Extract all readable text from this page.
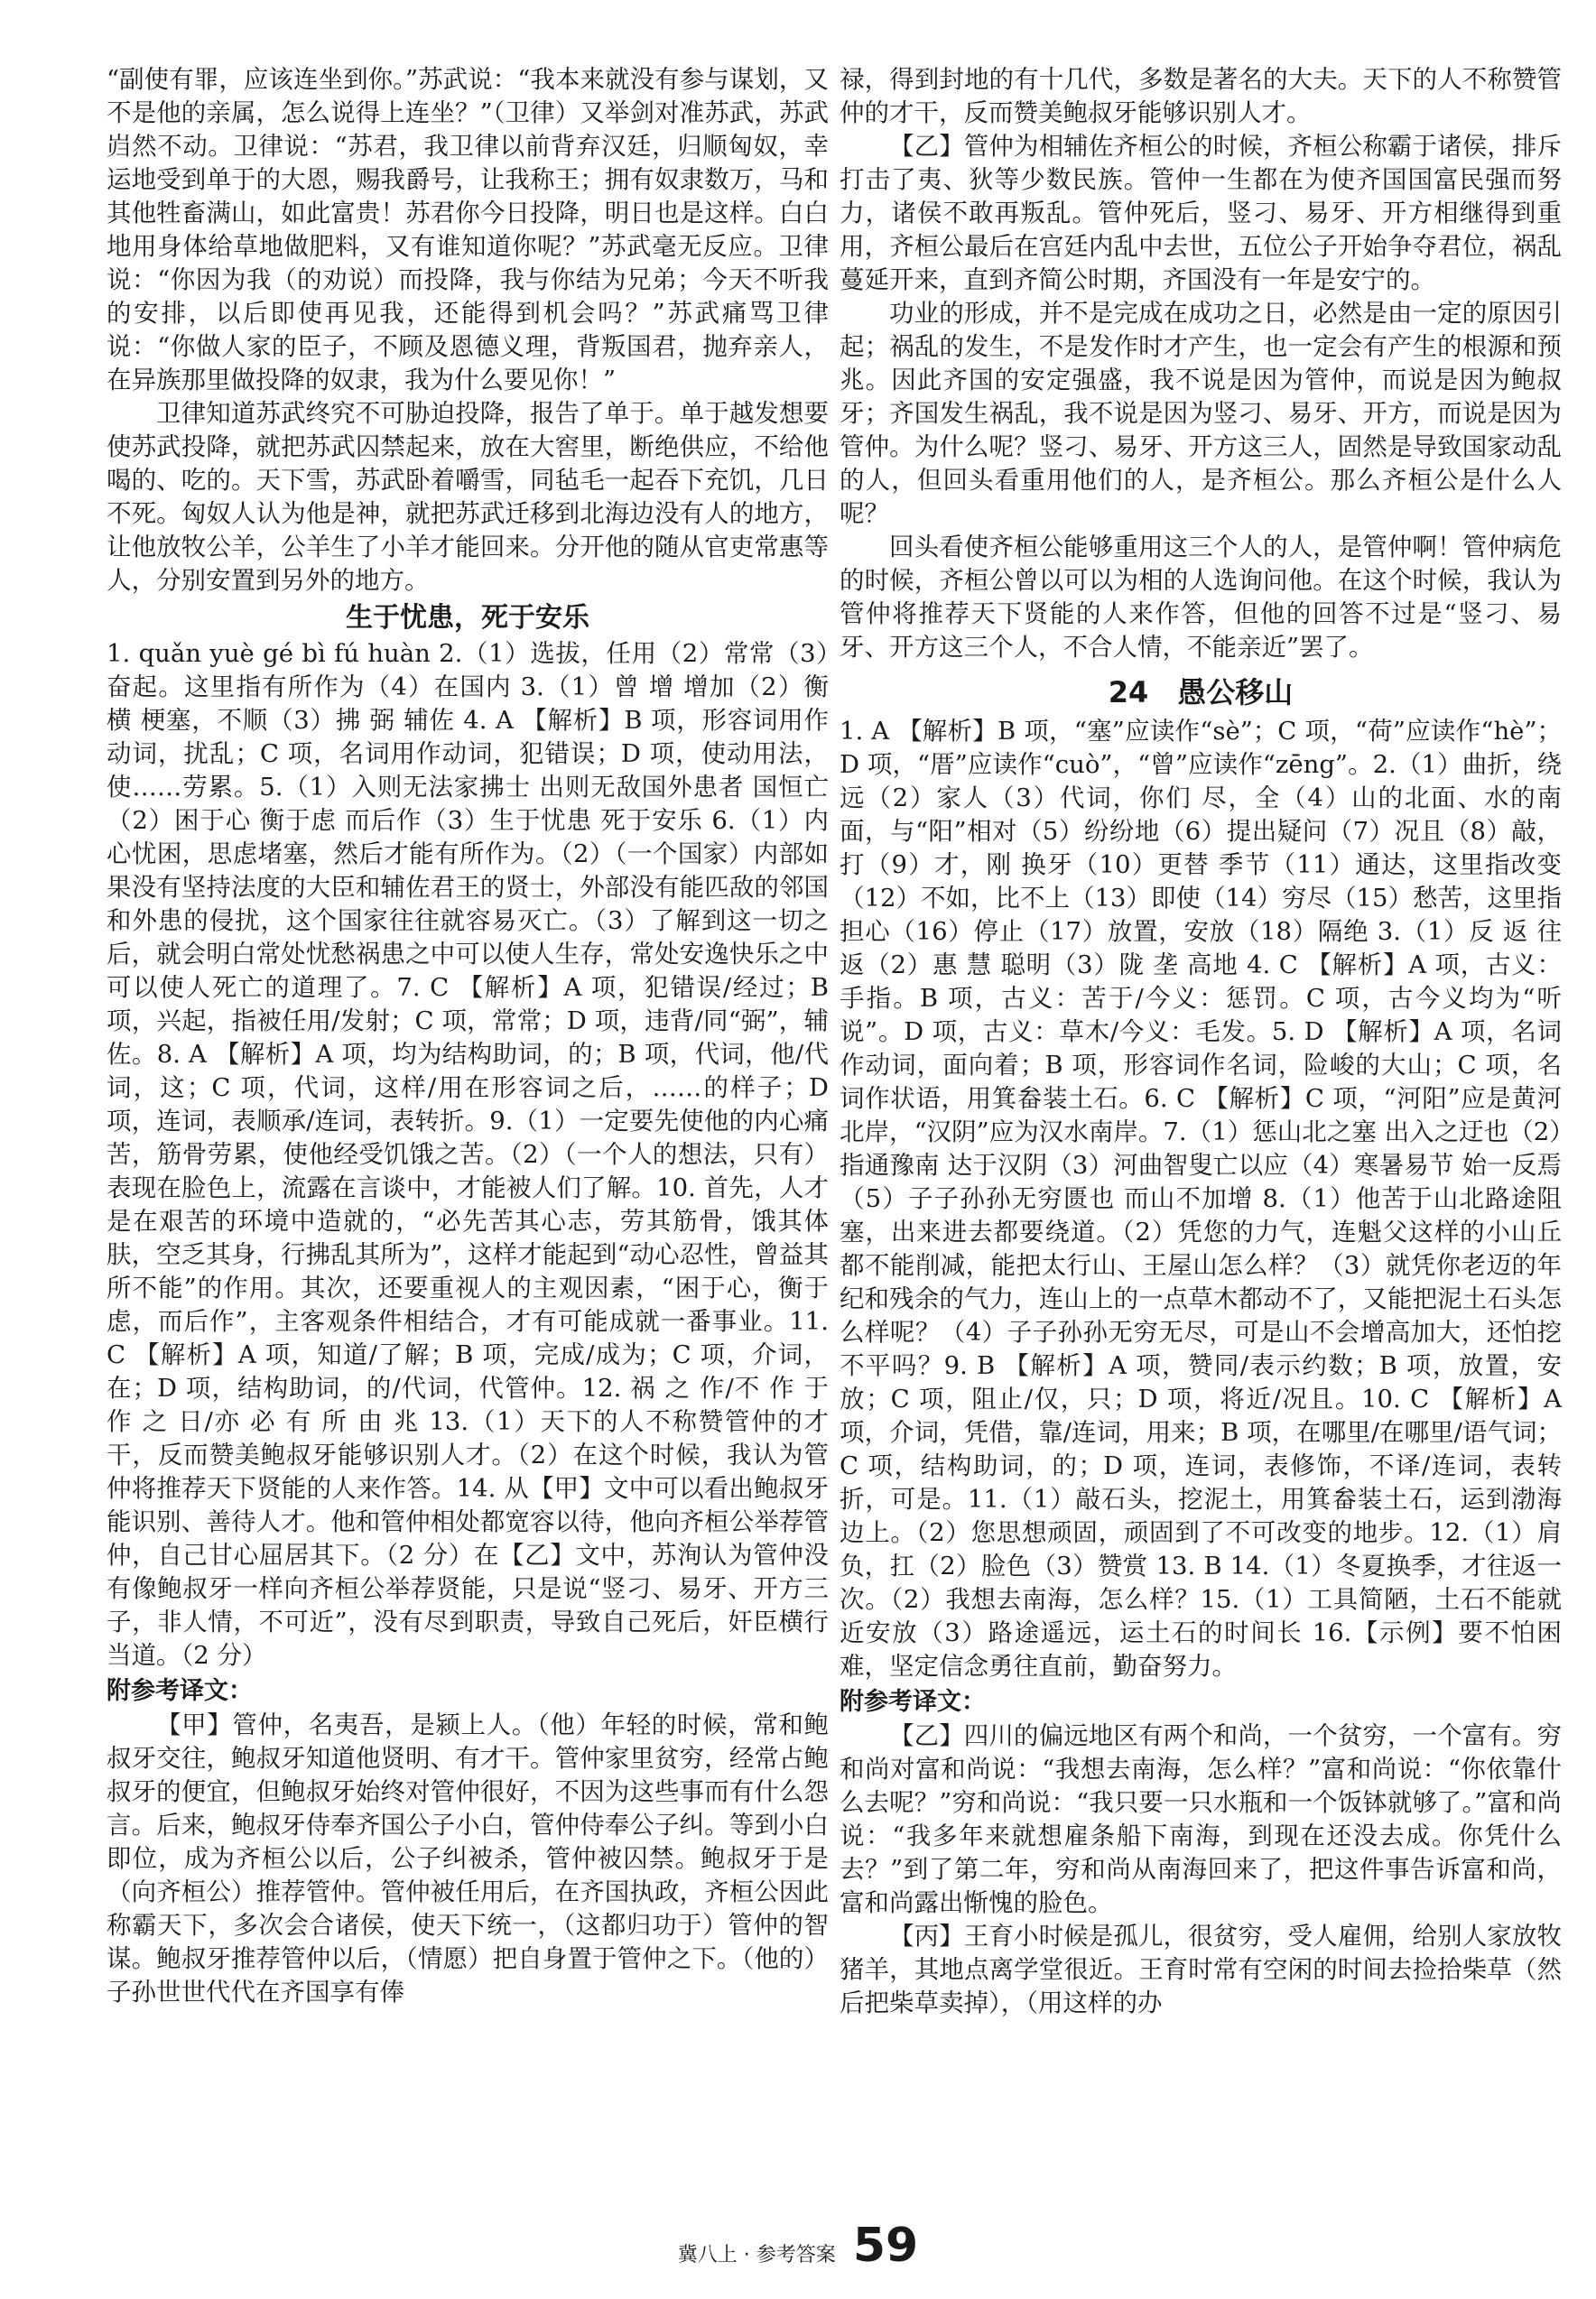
“副使有罪，应该连坐到你。”苏武说：“我本来就没有参与谋划，又不是他的亲属，怎么说得上连坐？”（卫律）又举剑对准苏武，苏武岿然不动。卫律说：“苏君，我卫律以前背弃汉廷，归顺匈奴，幸运地受到单于的大恩，赐我爵号，让我称王；拥有奴隶数万，马和其他牲畜满山，如此富贵！苏君你今日投降，明日也是这样。白白地用身体给草地做肥料，又有谁知道你呢？”苏武毫无反应。卫律说：“你因为我（的劝说）而投降，我与你结为兄弟；今天不听我的安排，以后即使再见我，还能得到机会吗？”苏武痛骂卫律说：“你做人家的臣子，不顾及恩德义理，背叛国君，抛弃亲人，在异族那里做投降的奴隶，我为什么要见你！”

卫律知道苏武终究不可胁迫投降，报告了单于。单于越发想要使苏武投降，就把苏武囚禁起来，放在大窖里，断绝供应，不给他喝的、吃的。天下雪，苏武卧着嚼雪，同毡毛一起吞下充饥，几日不死。匈奴人认为他是神，就把苏武迁移到北海边没有人的地方，让他放牧公羊，公羊生了小羊才能回来。分开他的随从官吏常惠等人，分别安置到另外的地方。

生于忧患，死于安乐

1. quǎn yuè gé bì fú huàn 2.（1）选拔，任用（2）常常（3）奋起。这里指有所作为（4）在国内 3.（1）曾 增 增加（2）衡 横 梗塞，不顺（3）拂 弼 辅佐 4. A 【解析】B 项，形容词用作动词，扰乱；C 项，名词用作动词，犯错误；D 项，使动用法，使……劳累。5.（1）入则无法家拂士 出则无敌国外患者 国恒亡（2）困于心 衡于虑 而后作（3）生于忧患 死于安乐 6.（1）内心忧困，思虑堵塞，然后才能有所作为。（2）（一个国家）内部如果没有坚持法度的大臣和辅佐君王的贤士，外部没有能匹敌的邻国和外患的侵扰，这个国家往往就容易灭亡。（3）了解到这一切之后，就会明白常处忧愁祸患之中可以使人生存，常处安逸快乐之中可以使人死亡的道理了。7. C 【解析】A 项，犯错误/经过；B 项，兴起，指被任用/发射；C 项，常常；D 项，违背/同“弼”，辅佐。8. A 【解析】A 项，均为结构助词，的；B 项，代词，他/代词，这；C 项，代词，这样/用在形容词之后，……的样子；D 项，连词，表顺承/连词，表转折。9.（1）一定要先使他的内心痛苦，筋骨劳累，使他经受饥饿之苦。（2）（一个人的想法，只有）表现在脸色上，流露在言谈中，才能被人们了解。10. 首先，人才是在艰苦的环境中造就的，“必先苦其心志，劳其筋骨，饿其体肤，空乏其身，行拂乱其所为”，这样才能起到“动心忍性，曾益其所不能”的作用。其次，还要重视人的主观因素，“困于心，衡于虑，而后作”，主客观条件相结合，才有可能成就一番事业。11. C 【解析】A 项，知道/了解；B 项，完成/成为；C 项，介词，在；D 项，结构助词，的/代词，代管仲。12. 祸 之 作/不 作 于 作 之 日/亦 必 有 所 由 兆 13.（1）天下的人不称赞管仲的才干，反而赞美鲍叔牙能够识别人才。（2）在这个时候，我认为管仲将推荐天下贤能的人来作答。14. 从【甲】文中可以看出鲍叔牙能识别、善待人才。他和管仲相处都宽容以待，他向齐桓公举荐管仲，自己甘心屈居其下。（2 分）在【乙】文中，苏洵认为管仲没有像鲍叔牙一样向齐桓公举荐贤能，只是说“竖刁、易牙、开方三子，非人情，不可近”，没有尽到职责，导致自己死后，奸臣横行当道。（2 分）

附参考译文：

【甲】管仲，名夷吾，是颍上人。（他）年轻的时候，常和鲍叔牙交往，鲍叔牙知道他贤明、有才干。管仲家里贫穷，经常占鲍叔牙的便宜，但鲍叔牙始终对管仲很好，不因为这些事而有什么怨言。后来，鲍叔牙侍奉齐国公子小白，管仲侍奉公子纠。等到小白即位，成为齐桓公以后，公子纠被杀，管仲被囚禁。鲍叔牙于是（向齐桓公）推荐管仲。管仲被任用后，在齐国执政，齐桓公因此称霸天下，多次会合诸侯，使天下统一，（这都归功于）管仲的智谋。鲍叔牙推荐管仲以后，（情愿）把自身置于管仲之下。（他的）子孙世世代代在齐国享有俸

禄，得到封地的有十几代，多数是著名的大夫。天下的人不称赞管仲的才干，反而赞美鲍叔牙能够识别人才。

【乙】管仲为相辅佐齐桓公的时候，齐桓公称霸于诸侯，排斥打击了夷、狄等少数民族。管仲一生都在为使齐国国富民强而努力，诸侯不敢再叛乱。管仲死后，竖刁、易牙、开方相继得到重用，齐桓公最后在宫廷内乱中去世，五位公子开始争夺君位，祸乱蔓延开来，直到齐简公时期，齐国没有一年是安宁的。

功业的形成，并不是完成在成功之日，必然是由一定的原因引起；祸乱的发生，不是发作时才产生，也一定会有产生的根源和预兆。因此齐国的安定强盛，我不说是因为管仲，而说是因为鲍叔牙；齐国发生祸乱，我不说是因为竖刁、易牙、开方，而说是因为管仲。为什么呢？竖刁、易牙、开方这三人，固然是导致国家动乱的人，但回头看重用他们的人，是齐桓公。那么齐桓公是什么人呢？

回头看使齐桓公能够重用这三个人的人，是管仲啊！管仲病危的时候，齐桓公曾以可以为相的人选询问他。在这个时候，我认为管仲将推荐天下贤能的人来作答，但他的回答不过是“竖刁、易牙、开方这三个人，不合人情，不能亲近”罢了。

24　愚公移山

1. A 【解析】B 项，“塞”应读作“sè”；C 项，“荷”应读作“hè”；D 项，“厝”应读作“cuò”，“曾”应读作“zēng”。2.（1）曲折，绕远（2）家人（3）代词，你们 尽，全（4）山的北面、水的南面，与“阳”相对（5）纷纷地（6）提出疑问（7）况且（8）敲，打（9）才，刚 换牙（10）更替 季节（11）通达，这里指改变（12）不如，比不上（13）即使（14）穷尽（15）愁苦，这里指担心（16）停止（17）放置，安放（18）隔绝 3.（1）反 返 往返（2）惠 慧 聪明（3）陇 垄 高地 4. C 【解析】A 项，古义：手指。B 项，古义：苦于/今义：惩罚。C 项，古今义均为“听说”。D 项，古义：草木/今义：毛发。5. D 【解析】A 项，名词作动词，面向着；B 项，形容词作名词，险峻的大山；C 项，名词作状语，用箕畚装土石。6. C 【解析】C 项，“河阳”应是黄河北岸，“汉阴”应为汉水南岸。7.（1）惩山北之塞 出入之迂也（2）指通豫南 达于汉阴（3）河曲智叟亡以应（4）寒暑易节 始一反焉（5）子子孙孙无穷匮也 而山不加增 8.（1）他苦于山北路途阻塞，出来进去都要绕道。（2）凭您的力气，连魁父这样的小山丘都不能削减，能把太行山、王屋山怎么样？（3）就凭你老迈的年纪和残余的气力，连山上的一点草木都动不了，又能把泥土石头怎么样呢？（4）子子孙孙无穷无尽，可是山不会增高加大，还怕挖不平吗？9. B 【解析】A 项，赞同/表示约数；B 项，放置，安放；C 项，阻止/仅，只；D 项，将近/况且。10. C 【解析】A 项，介词，凭借，靠/连词，用来；B 项，在哪里/在哪里/语气词；C 项，结构助词，的；D 项，连词，表修饰，不译/连词，表转折，可是。11.（1）敲石头，挖泥土，用箕畚装土石，运到渤海边上。（2）您思想顽固，顽固到了不可改变的地步。12.（1）肩负，扛（2）脸色（3）赞赏 13. B 14.（1）冬夏换季，才往返一次。（2）我想去南海，怎么样？15.（1）工具简陋，土石不能就近安放（3）路途遥远，运土石的时间长 16.【示例】要不怕困难，坚定信念勇往直前，勤奋努力。

附参考译文：

【乙】四川的偏远地区有两个和尚，一个贫穷，一个富有。穷和尚对富和尚说：“我想去南海，怎么样？”富和尚说：“你依靠什么去呢？”穷和尚说：“我只要一只水瓶和一个饭钵就够了。”富和尚说：“我多年来就想雇条船下南海，到现在还没去成。你凭什么去？”到了第二年，穷和尚从南海回来了，把这件事告诉富和尚，富和尚露出惭愧的脸色。

【丙】王育小时候是孤儿，很贫穷，受人雇佣，给别人家放牧猪羊，其地点离学堂很近。王育时常有空闲的时间去捡拾柴草（然后把柴草卖掉），（用这样的办

冀八上 · 参考答案 59
